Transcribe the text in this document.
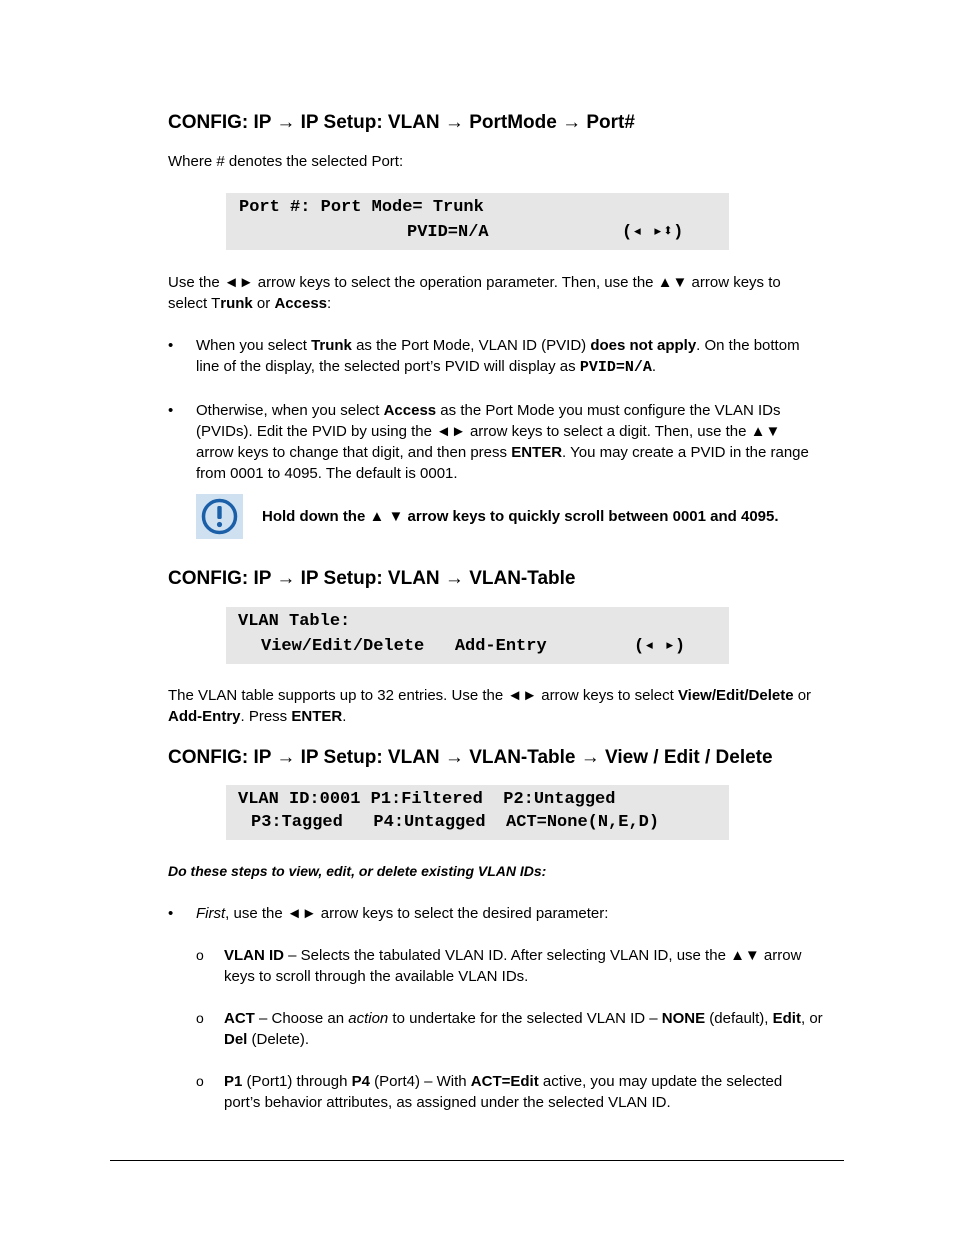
CONFIG: IP → IP Setup: VLAN → PortMode → Port#
Where # denotes the selected Port:
Port #: Port Mode= Trunk
PVID=N/A	(◂ ▸⬍)
Use the ◄► arrow keys to select the operation parameter. Then, use the ▲▼ arrow keys to
select Trunk or Access:
• When you select Trunk as the Port Mode, VLAN ID (PVID) does not apply. On the bottom
line of the display, the selected port’s PVID will display as PVID=N/A.
• Otherwise, when you select Access as the Port Mode you must configure the VLAN IDs
(PVIDs). Edit the PVID by using the ◄► arrow keys to select a digit. Then, use the ▲▼
arrow keys to change that digit, and then press ENTER. You may create a PVID in the range
from 0001 to 4095. The default is 0001.
Hold down the ▲ ▼ arrow keys to quickly scroll between 0001 and 4095.
CONFIG: IP → IP Setup: VLAN → VLAN-Table
VLAN Table:
View/Edit/Delete   Add-Entry	(◂ ▸)
The VLAN table supports up to 32 entries. Use the ◄► arrow keys to select View/Edit/Delete or
Add-Entry. Press ENTER.
CONFIG: IP → IP Setup: VLAN → VLAN-Table → View / Edit / Delete
VLAN ID:0001 P1:Filtered  P2:Untagged
P3:Tagged   P4:Untagged  ACT=None(N,E,D)
Do these steps to view, edit, or delete existing VLAN IDs:
• First, use the ◄► arrow keys to select the desired parameter:
o VLAN ID – Selects the tabulated VLAN ID. After selecting VLAN ID, use the ▲▼ arrow
keys to scroll through the available VLAN IDs.
o ACT – Choose an action to undertake for the selected VLAN ID – NONE (default), Edit, or
Del (Delete).
o P1 (Port1) through P4 (Port4) – With ACT=Edit active, you may update the selected
port’s behavior attributes, as assigned under the selected VLAN ID.
